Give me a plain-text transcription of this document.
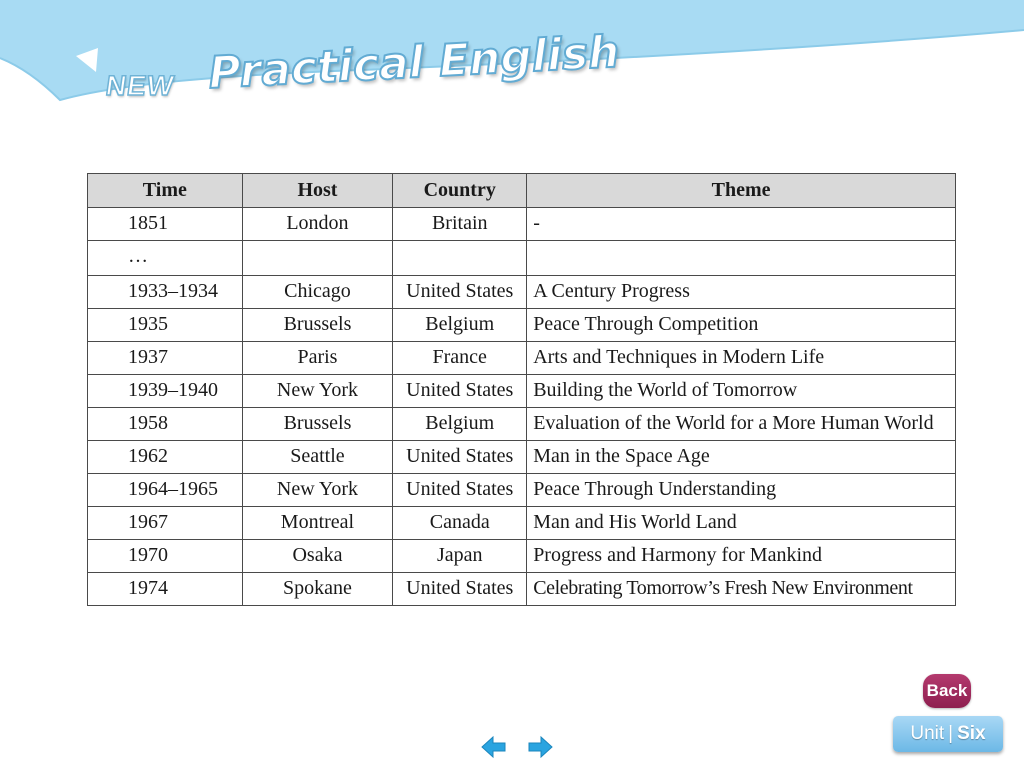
NEW Practical English
Time	Host	Country	Theme
1851	London	Britain	-
…			
1933–1934	Chicago	United States	A Century Progress
1935	Brussels	Belgium	Peace Through Competition
1937	Paris	France	Arts and Techniques in Modern Life
1939–1940	New York	United States	Building the World of Tomorrow
1958	Brussels	Belgium	Evaluation of the World for a More Human World
1962	Seattle	United States	Man in the Space Age
1964–1965	New York	United States	Peace Through Understanding
1967	Montreal	Canada	Man and His World Land
1970	Osaka	Japan	Progress and Harmony for Mankind
1974	Spokane	United States	Celebrating Tomorrow’s Fresh New Environment
Back
Unit | Six
